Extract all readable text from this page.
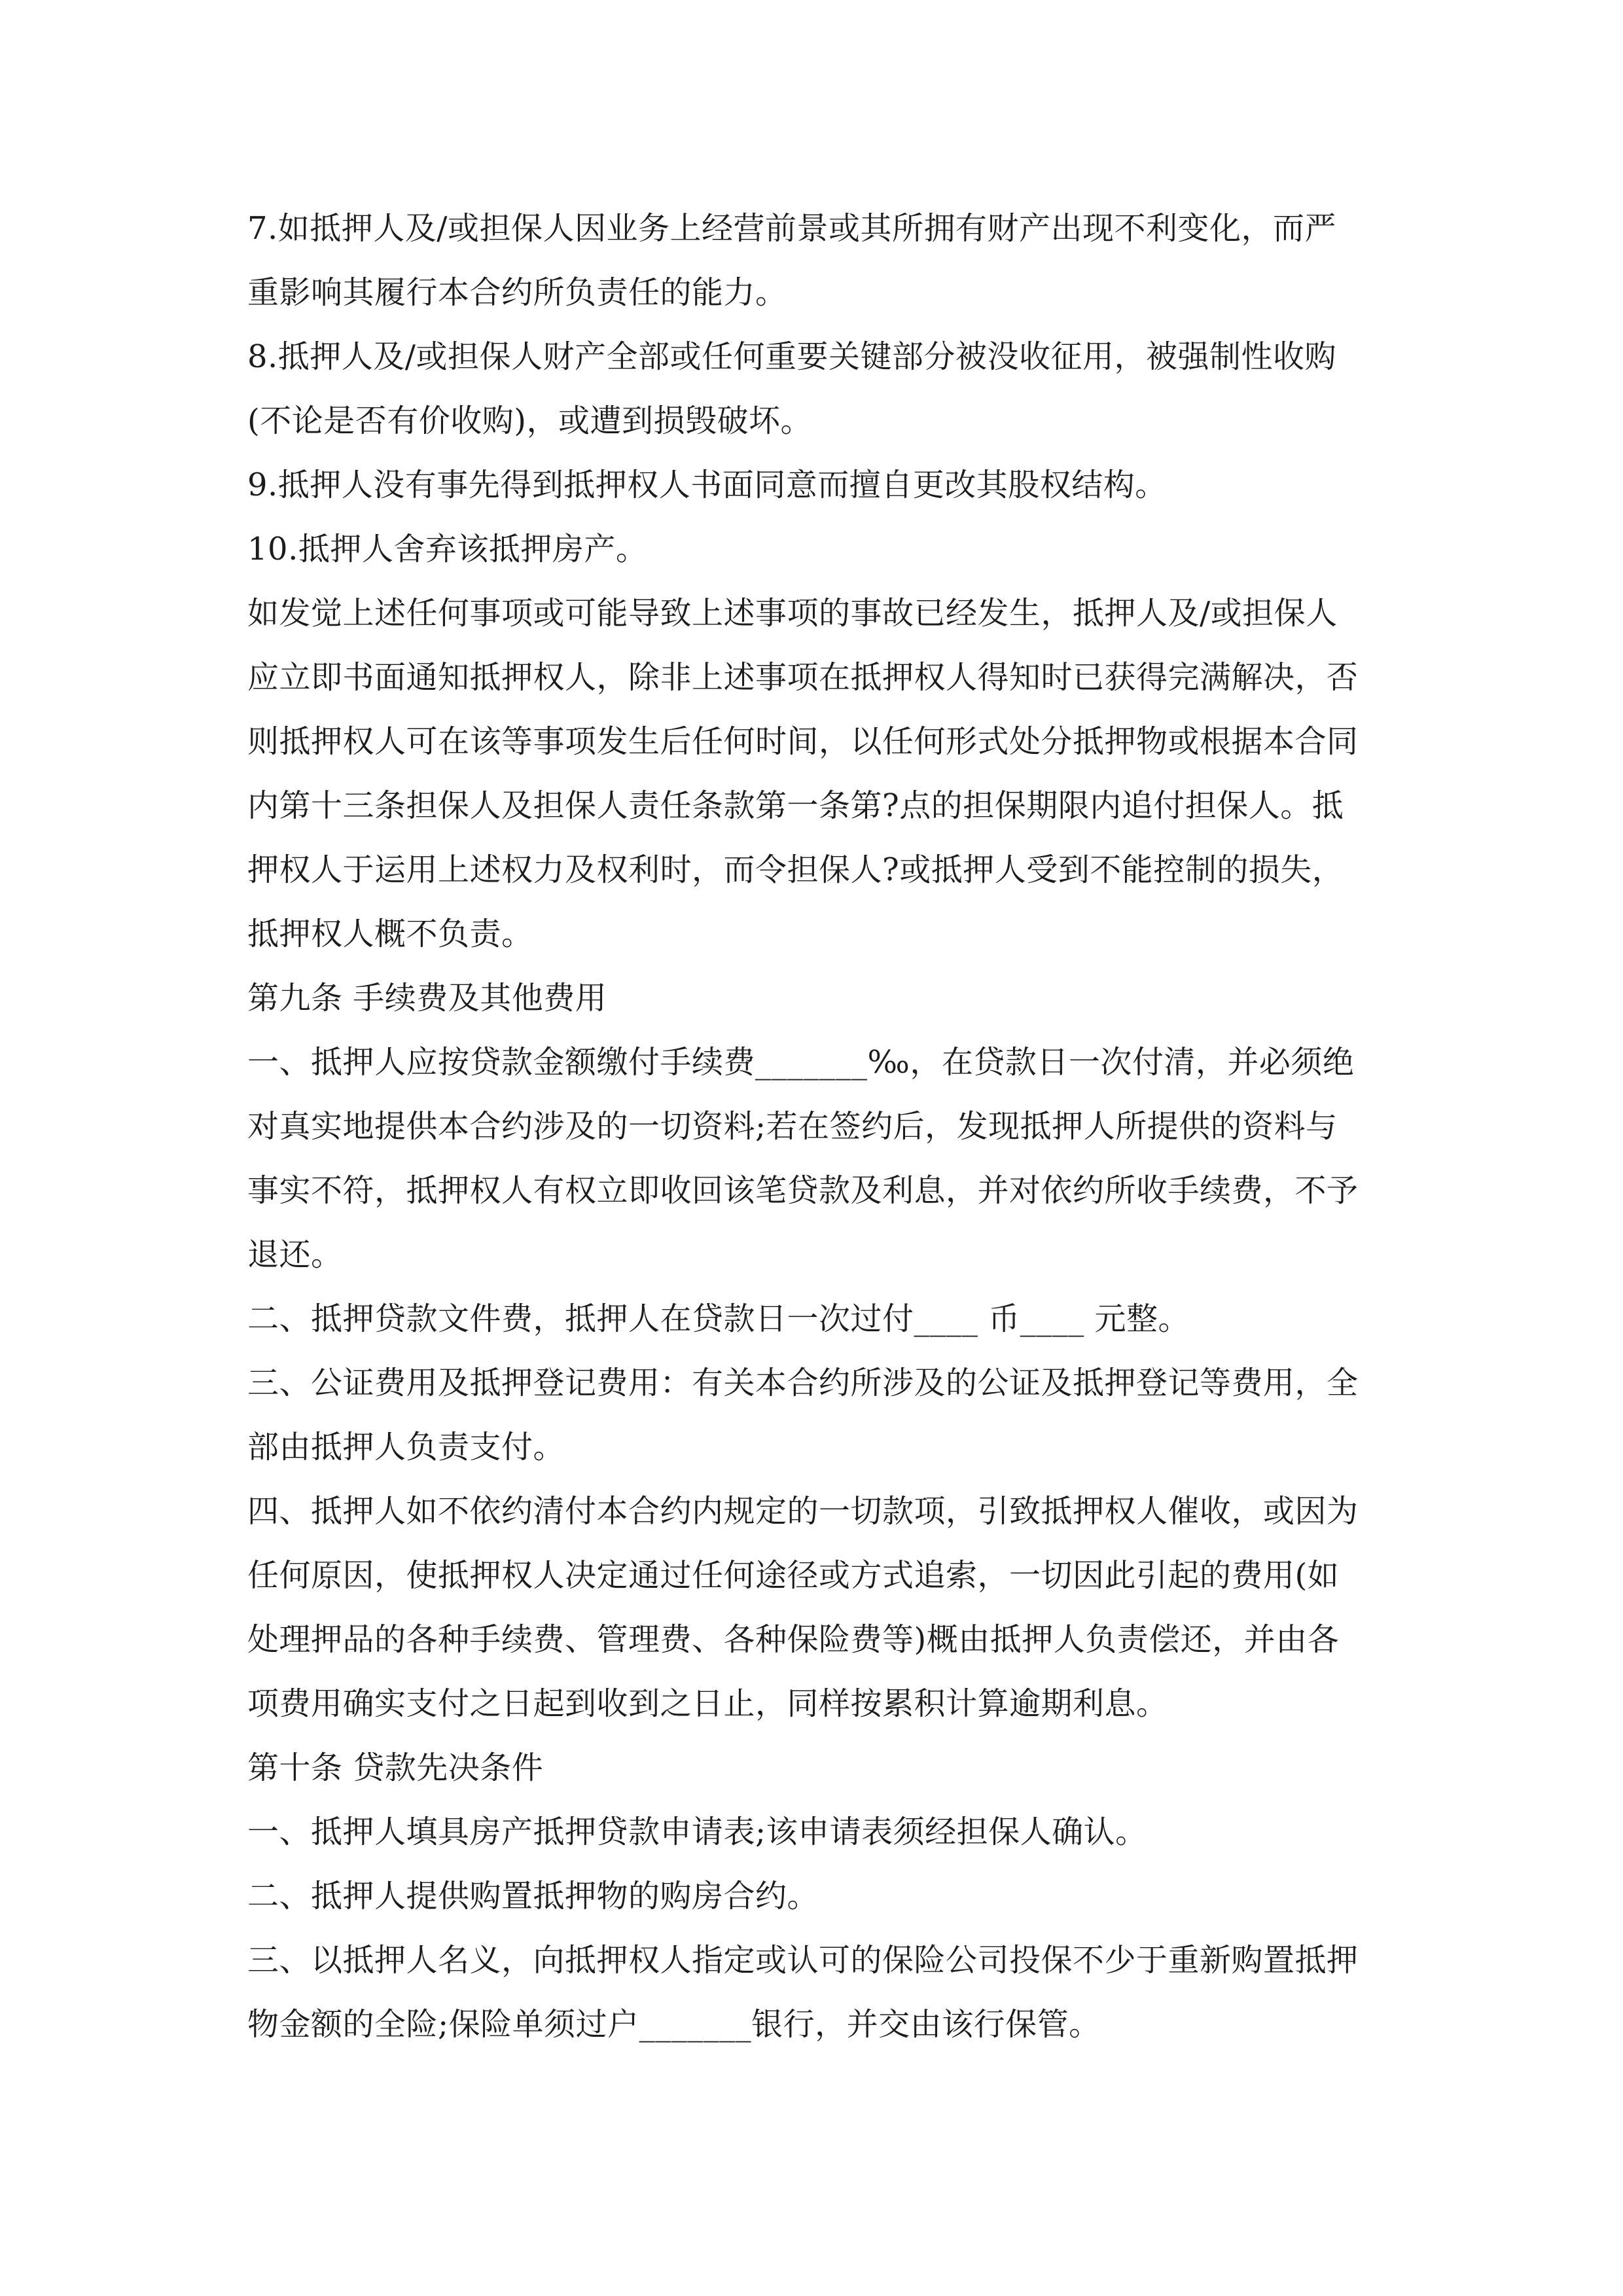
7.如抵押人及/或担保人因业务上经营前景或其所拥有财产出现不利变化，而严
重影响其履行本合约所负责任的能力。
8.抵押人及/或担保人财产全部或任何重要关键部分被没收征用，被强制性收购
(不论是否有价收购)，或遭到损毁破坏。
9.抵押人没有事先得到抵押权人书面同意而擅自更改其股权结构。
10.抵押人舍弃该抵押房产。
如发觉上述任何事项或可能导致上述事项的事故已经发生，抵押人及/或担保人
应立即书面通知抵押权人，除非上述事项在抵押权人得知时已获得完满解决，否
则抵押权人可在该等事项发生后任何时间，以任何形式处分抵押物或根据本合同
内第十三条担保人及担保人责任条款第一条第?点的担保期限内追付担保人。抵
押权人于运用上述权力及权利时，而令担保人?或抵押人受到不能控制的损失，
抵押权人概不负责。
第九条 手续费及其他费用
一、抵押人应按贷款金额缴付手续费_______‰，在贷款日一次付清，并必须绝
对真实地提供本合约涉及的一切资料;若在签约后，发现抵押人所提供的资料与
事实不符，抵押权人有权立即收回该笔贷款及利息，并对依约所收手续费，不予
退还。
二、抵押贷款文件费，抵押人在贷款日一次过付____ 币____ 元整。
三、公证费用及抵押登记费用：有关本合约所涉及的公证及抵押登记等费用，全
部由抵押人负责支付。
四、抵押人如不依约清付本合约内规定的一切款项，引致抵押权人催收，或因为
任何原因，使抵押权人决定通过任何途径或方式追索，一切因此引起的费用(如
处理押品的各种手续费、管理费、各种保险费等)概由抵押人负责偿还，并由各
项费用确实支付之日起到收到之日止，同样按累积计算逾期利息。
第十条 贷款先决条件
一、抵押人填具房产抵押贷款申请表;该申请表须经担保人确认。
二、抵押人提供购置抵押物的购房合约。
三、以抵押人名义，向抵押权人指定或认可的保险公司投保不少于重新购置抵押
物金额的全险;保险单须过户_______银行，并交由该行保管。
